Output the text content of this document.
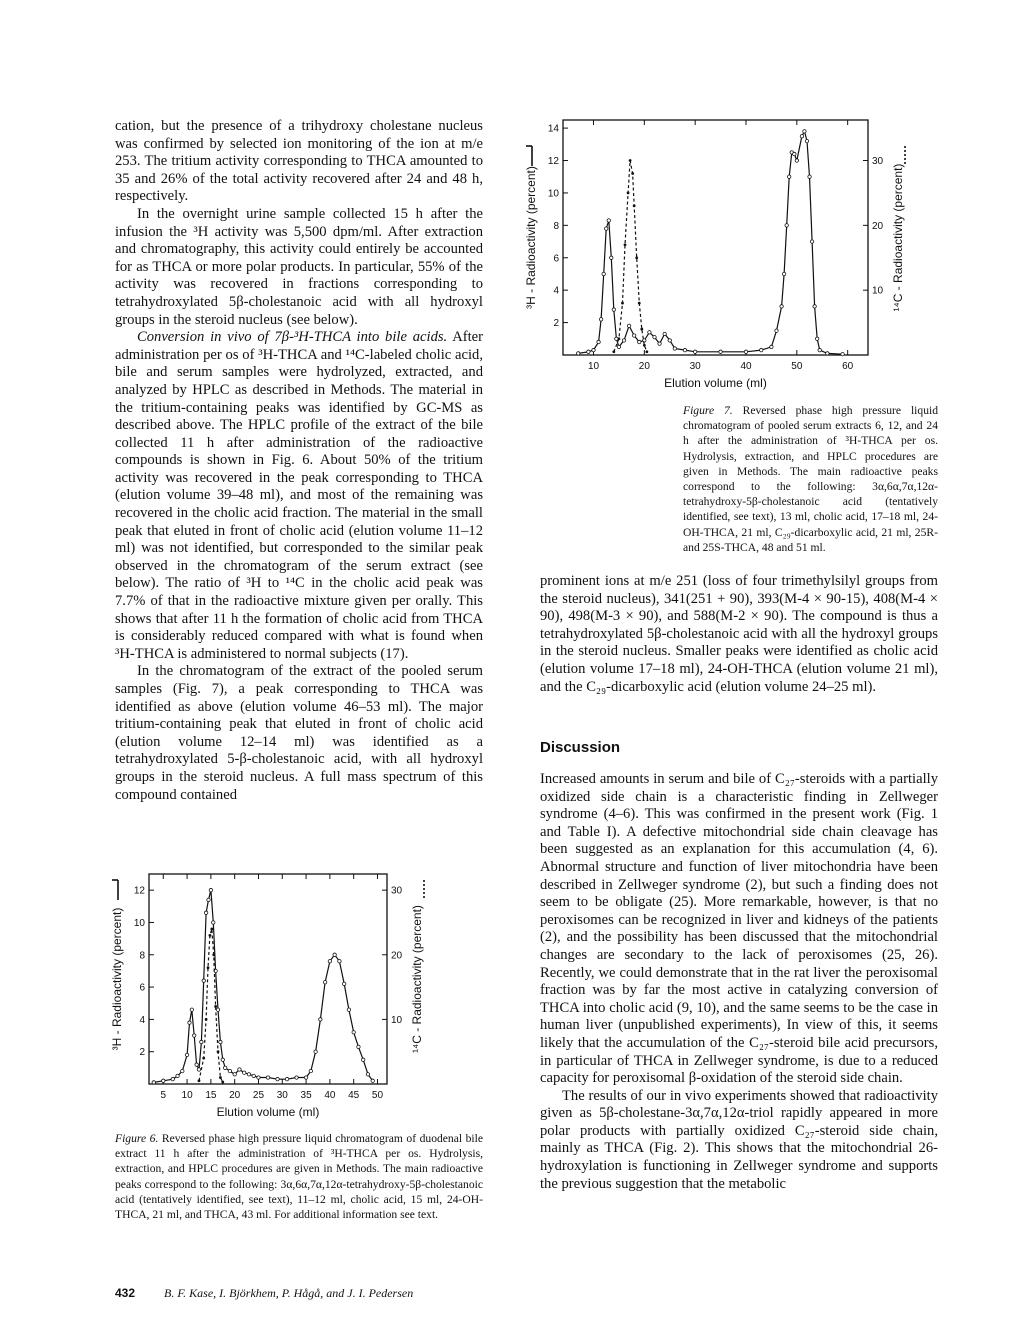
cation, but the presence of a trihydroxy cholestane nucleus was confirmed by selected ion monitoring of the ion at m/e 253. The tritium activity corresponding to THCA amounted to 35 and 26% of the total activity recovered after 24 and 48 h, respectively.

In the overnight urine sample collected 15 h after the infusion the ³H activity was 5,500 dpm/ml. After extraction and chromatography, this activity could entirely be accounted for as THCA or more polar products. In particular, 55% of the activity was recovered in fractions corresponding to tetrahydroxylated 5β-cholestanoic acid with all hydroxyl groups in the steroid nucleus (see below).

Conversion in vivo of 7β-³H-THCA into bile acids. After administration per os of ³H-THCA and ¹⁴C-labeled cholic acid, bile and serum samples were hydrolyzed, extracted, and analyzed by HPLC as described in Methods. The material in the tritium-containing peaks was identified by GC-MS as described above. The HPLC profile of the extract of the bile collected 11 h after administration of the radioactive compounds is shown in Fig. 6. About 50% of the tritium activity was recovered in the peak corresponding to THCA (elution volume 39–48 ml), and most of the remaining was recovered in the cholic acid fraction. The material in the small peak that eluted in front of cholic acid (elution volume 11–12 ml) was not identified, but corresponded to the similar peak observed in the chromatogram of the serum extract (see below). The ratio of ³H to ¹⁴C in the cholic acid peak was 7.7% of that in the radioactive mixture given per orally. This shows that after 11 h the formation of cholic acid from THCA is considerably reduced compared with what is found when ³H-THCA is administered to normal subjects (17).

In the chromatogram of the extract of the pooled serum samples (Fig. 7), a peak corresponding to THCA was identified as above (elution volume 46–53 ml). The major tritium-containing peak that eluted in front of cholic acid (elution volume 12–14 ml) was identified as a tetrahydroxylated 5-β-cholestanoic acid, with all hydroxyl groups in the steroid nucleus. A full mass spectrum of this compound contained

10	20	30	40	50	60
2
4
6
8
10
12
14
10
20
30
Elution volume (ml)
³H - Radioactivity (percent)	¹⁴C - Radioactivity (percent)
Figure 7. Reversed phase high pressure liquid chromatogram of pooled serum extracts 6, 12, and 24 h after the administration of ³H-THCA per os. Hydrolysis, extraction, and HPLC procedures are given in Methods. The main radioactive peaks correspond to the following: 3α,6α,7α,12α-tetrahydroxy-5β-cholestanoic acid (tentatively identified, see text), 13 ml, cholic acid, 17–18 ml, 24-OH-THCA, 21 ml, C₂₉-dicarboxylic acid, 21 ml, 25R- and 25S-THCA, 48 and 51 ml.

prominent ions at m/e 251 (loss of four trimethylsilyl groups from the steroid nucleus), 341(251 + 90), 393(M-4 × 90-15), 408(M-4 × 90), 498(M-3 × 90), and 588(M-2 × 90). The compound is thus a tetrahydroxylated 5β-cholestanoic acid with all the hydroxyl groups in the steroid nucleus. Smaller peaks were identified as cholic acid (elution volume 17–18 ml), 24-OH-THCA (elution volume 21 ml), and the C₂₉-dicarboxylic acid (elution volume 24–25 ml).

Discussion

Increased amounts in serum and bile of C₂₇-steroids with a partially oxidized side chain is a characteristic finding in Zellweger syndrome (4–6). This was confirmed in the present work (Fig. 1 and Table I). A defective mitochondrial side chain cleavage has been suggested as an explanation for this accumulation (4, 6). Abnormal structure and function of liver mitochondria have been described in Zellweger syndrome (2), but such a finding does not seem to be obligate (25). More remarkable, however, is that no peroxisomes can be recognized in liver and kidneys of the patients (2), and the possibility has been discussed that the mitochondrial changes are secondary to the lack of peroxisomes (25, 26). Recently, we could demonstrate that in the rat liver the peroxisomal fraction was by far the most active in catalyzing conversion of THCA into cholic acid (9, 10), and the same seems to be the case in human liver (unpublished experiments), In view of this, it seems likely that the accumulation of the C₂₇-steroid bile acid precursors, in particular of THCA in Zellweger syndrome, is due to a reduced capacity for peroxisomal β-oxidation of the steroid side chain.

The results of our in vivo experiments showed that radioactivity given as 5β-cholestane-3α,7α,12α-triol rapidly appeared in more polar products with partially oxidized C₂₇-steroid side chain, mainly as THCA (Fig. 2). This shows that the mitochondrial 26-hydroxylation is functioning in Zellweger syndrome and supports the previous suggestion that the metabolic

5 10 15 20 25 30 35 40 45 50
2
4
6
8
10
12
10
20
30
Elution volume (ml)
³H - Radioactivity (percent)	¹⁴C - Radioactivity (percent)
Figure 6. Reversed phase high pressure liquid chromatogram of duodenal bile extract 11 h after the administration of ³H-THCA per os. Hydrolysis, extraction, and HPLC procedures are given in Methods. The main radioactive peaks correspond to the following: 3α,6α,7α,12α-tetrahydroxy-5β-cholestanoic acid (tentatively identified, see text), 11–12 ml, cholic acid, 15 ml, 24-OH-THCA, 21 ml, and THCA, 43 ml. For additional information see text.
432 B. F. Kase, I. Björkhem, P. Hågå, and J. I. Pedersen
